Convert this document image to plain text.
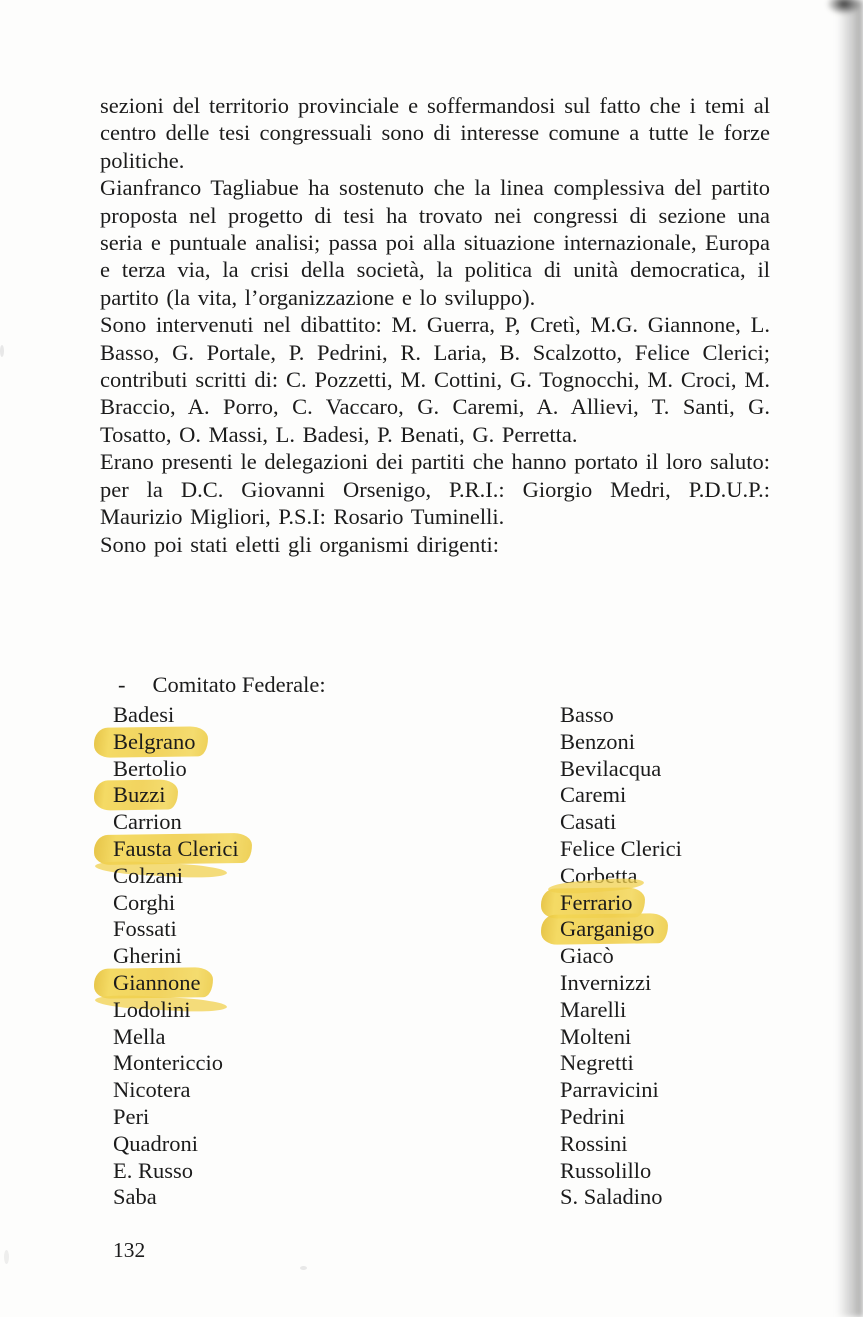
sezioni del territorio provinciale e soffermandosi sul fatto che i temi al centro delle tesi congressuali sono di interesse comune a tutte le forze politiche.

Gianfranco Tagliabue ha sostenuto che la linea complessiva del partito proposta nel progetto di tesi ha trovato nei congressi di sezione una seria e puntuale analisi; passa poi alla situazione internazionale, Europa e terza via, la crisi della società, la politica di unità democratica, il partito (la vita, l’organizzazione e lo sviluppo).

Sono intervenuti nel dibattito: M. Guerra, P, Cretì, M.G. Giannone, L. Basso, G. Portale, P. Pedrini, R. Laria, B. Scalzotto, Felice Clerici; contributi scritti di: C. Pozzetti, M. Cottini, G. Tognocchi, M. Croci, M. Braccio, A. Porro, C. Vaccaro, G. Caremi, A. Allievi, T. Santi, G. Tosatto, O. Massi, L. Badesi, P. Benati, G. Perretta.

Erano presenti le delegazioni dei partiti che hanno portato il loro saluto: per la D.C. Giovanni Orsenigo, P.R.I.: Giorgio Medri, P.D.U.P.: Maurizio Migliori, P.S.I: Rosario Tuminelli.

Sono poi stati eletti gli organismi dirigenti:

- Comitato Federale:
Badesi
Belgrano
Bertolio
Buzzi
Carrion
Fausta Clerici
Colzani
Corghi
Fossati
Gherini
Giannone
Lodolini
Mella
Montericcio
Nicotera
Peri
Quadroni
E. Russo
Saba
Basso
Benzoni
Bevilacqua
Caremi
Casati
Felice Clerici
Corbetta
Ferrario
Garganigo
Giacò
Invernizzi
Marelli
Molteni
Negretti
Parravicini
Pedrini
Rossini
Russolillo
S. Saladino
132
